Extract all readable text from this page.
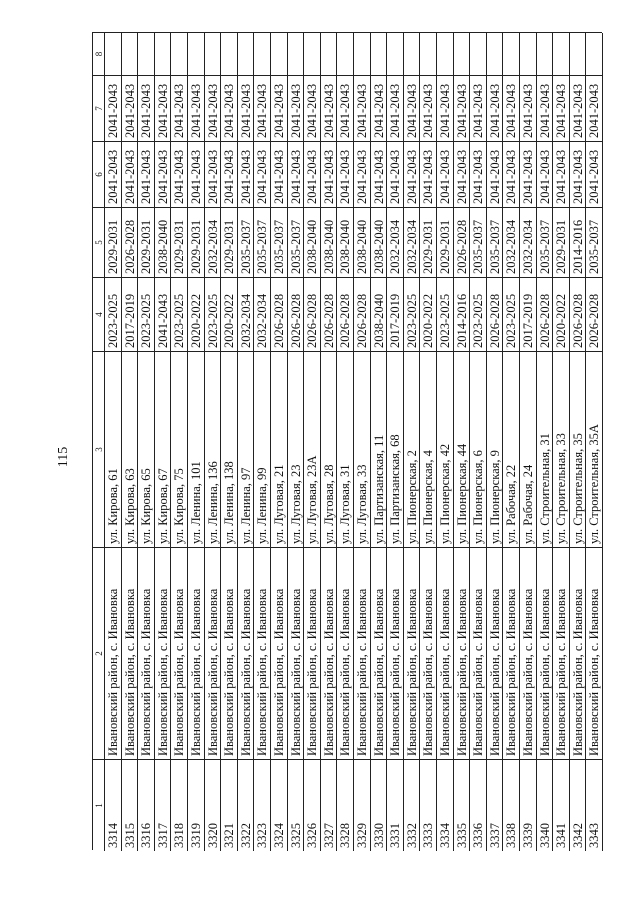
115
1
2
3
4
5
6
7
8
3314
Ивановский район, с. Ивановка
ул. Кирова, 61
2023-2025
2029-2031
2041-2043
2041-2043
3315
Ивановский район, с. Ивановка
ул. Кирова, 63
2017-2019
2026-2028
2041-2043
2041-2043
3316
Ивановский район, с. Ивановка
ул. Кирова, 65
2023-2025
2029-2031
2041-2043
2041-2043
3317
Ивановский район, с. Ивановка
ул. Кирова, 67
2041-2043
2038-2040
2041-2043
2041-2043
3318
Ивановский район, с. Ивановка
ул. Кирова, 75
2023-2025
2029-2031
2041-2043
2041-2043
3319
Ивановский район, с. Ивановка
ул. Ленина, 101
2020-2022
2029-2031
2041-2043
2041-2043
3320
Ивановский район, с. Ивановка
ул. Ленина, 136
2023-2025
2032-2034
2041-2043
2041-2043
3321
Ивановский район, с. Ивановка
ул. Ленина, 138
2020-2022
2029-2031
2041-2043
2041-2043
3322
Ивановский район, с. Ивановка
ул. Ленина, 97
2032-2034
2035-2037
2041-2043
2041-2043
3323
Ивановский район, с. Ивановка
ул. Ленина, 99
2032-2034
2035-2037
2041-2043
2041-2043
3324
Ивановский район, с. Ивановка
ул. Луговая, 21
2026-2028
2035-2037
2041-2043
2041-2043
3325
Ивановский район, с. Ивановка
ул. Луговая, 23
2026-2028
2035-2037
2041-2043
2041-2043
3326
Ивановский район, с. Ивановка
ул. Луговая, 23А
2026-2028
2038-2040
2041-2043
2041-2043
3327
Ивановский район, с. Ивановка
ул. Луговая, 28
2026-2028
2038-2040
2041-2043
2041-2043
3328
Ивановский район, с. Ивановка
ул. Луговая, 31
2026-2028
2038-2040
2041-2043
2041-2043
3329
Ивановский район, с. Ивановка
ул. Луговая, 33
2026-2028
2038-2040
2041-2043
2041-2043
3330
Ивановский район, с. Ивановка
ул. Партизанская, 11
2038-2040
2038-2040
2041-2043
2041-2043
3331
Ивановский район, с. Ивановка
ул. Партизанская, 68
2017-2019
2032-2034
2041-2043
2041-2043
3332
Ивановский район, с. Ивановка
ул. Пионерская, 2
2023-2025
2032-2034
2041-2043
2041-2043
3333
Ивановский район, с. Ивановка
ул. Пионерская, 4
2020-2022
2029-2031
2041-2043
2041-2043
3334
Ивановский район, с. Ивановка
ул. Пионерская, 42
2023-2025
2029-2031
2041-2043
2041-2043
3335
Ивановский район, с. Ивановка
ул. Пионерская, 44
2014-2016
2026-2028
2041-2043
2041-2043
3336
Ивановский район, с. Ивановка
ул. Пионерская, 6
2023-2025
2035-2037
2041-2043
2041-2043
3337
Ивановский район, с. Ивановка
ул. Пионерская, 9
2026-2028
2035-2037
2041-2043
2041-2043
3338
Ивановский район, с. Ивановка
ул. Рабочая, 22
2023-2025
2032-2034
2041-2043
2041-2043
3339
Ивановский район, с. Ивановка
ул. Рабочая, 24
2017-2019
2032-2034
2041-2043
2041-2043
3340
Ивановский район, с. Ивановка
ул. Строительная, 31
2026-2028
2035-2037
2041-2043
2041-2043
3341
Ивановский район, с. Ивановка
ул. Строительная, 33
2020-2022
2029-2031
2041-2043
2041-2043
3342
Ивановский район, с. Ивановка
ул. Строительная, 35
2026-2028
2014-2016
2041-2043
2041-2043
3343
Ивановский район, с. Ивановка
ул. Строительная, 35А
2026-2028
2035-2037
2041-2043
2041-2043
